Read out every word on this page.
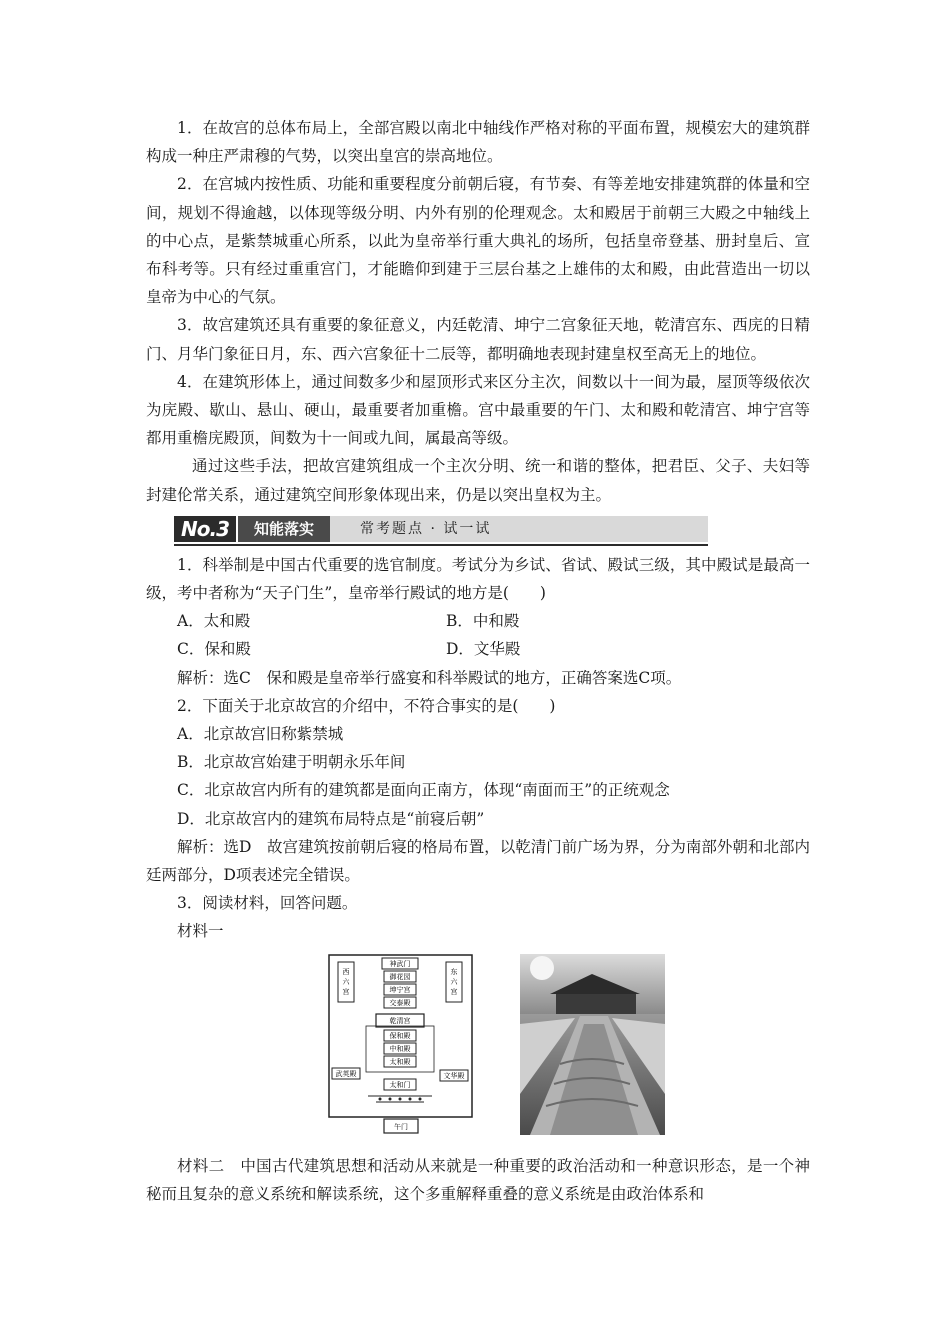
1．在故宫的总体布局上，全部宫殿以南北中轴线作严格对称的平面布置，规模宏大的建筑群构成一种庄严肃穆的气势，以突出皇宫的崇高地位。

2．在宫城内按性质、功能和重要程度分前朝后寝，有节奏、有等差地安排建筑群的体量和空间，规划不得逾越，以体现等级分明、内外有别的伦理观念。太和殿居于前朝三大殿之中轴线上的中心点，是紫禁城重心所系，以此为皇帝举行重大典礼的场所，包括皇帝登基、册封皇后、宣布科考等。只有经过重重宫门，才能瞻仰到建于三层台基之上雄伟的太和殿，由此营造出一切以皇帝为中心的气氛。

3．故宫建筑还具有重要的象征意义，内廷乾清、坤宁二宫象征天地，乾清宫东、西庑的日精门、月华门象征日月，东、西六宫象征十二辰等，都明确地表现封建皇权至高无上的地位。

4．在建筑形体上，通过间数多少和屋顶形式来区分主次，间数以十一间为最，屋顶等级依次为庑殿、歇山、悬山、硬山，最重要者加重檐。宫中最重要的午门、太和殿和乾清宫、坤宁宫等都用重檐庑殿顶，间数为十一间或九间，属最高等级。

通过这些手法，把故宫建筑组成一个主次分明、统一和谐的整体，把君臣、父子、夫妇等封建伦常关系，通过建筑空间形象体现出来，仍是以突出皇权为主。

No.3	知能落实	常考题点 · 试一试

1．科举制是中国古代重要的选官制度。考试分为乡试、省试、殿试三级，其中殿试是最高一级，考中者称为“天子门生”，皇帝举行殿试的地方是(　　)

A．太和殿	B．中和殿

C．保和殿	D．文华殿

解析：选C　保和殿是皇帝举行盛宴和科举殿试的地方，正确答案选C项。

2．下面关于北京故宫的介绍中，不符合事实的是(　　)

A．北京故宫旧称紫禁城

B．北京故宫始建于明朝永乐年间

C．北京故宫内所有的建筑都是面向正南方，体现“南面而王”的正统观念

D．北京故宫内的建筑布局特点是“前寝后朝”

解析：选D　故宫建筑按前朝后寝的格局布置，以乾清门前广场为界，分为南部外朝和北部内廷两部分，D项表述完全错误。

3．阅读材料，回答问题。

材料一

午门
神武门
御花园
坤宁宫
交泰殿
乾清宫
保和殿
中和殿
太和殿
太和门
武英殿	文华殿
西
六
宫
东
六
宫

材料二　中国古代建筑思想和活动从来就是一种重要的政治活动和一种意识形态，是一个神秘而且复杂的意义系统和解读系统，这个多重解释重叠的意义系统是由政治体系和
